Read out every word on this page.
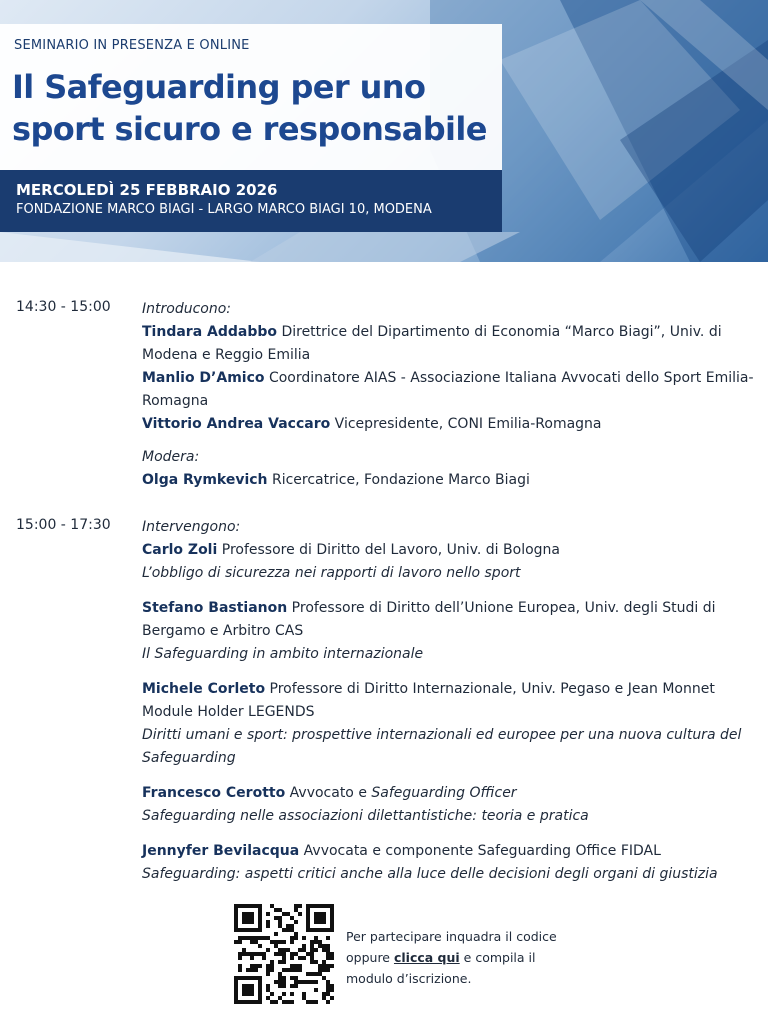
SEMINARIO IN PRESENZA E ONLINE
Il Safeguarding per uno
sport sicuro e responsabile
MERCOLEDÌ 25 FEBBRAIO 2026
FONDAZIONE MARCO BIAGI - LARGO MARCO BIAGI 10, MODENA
14:30 - 15:00 Introducono:
Tindara Addabbo Direttrice del Dipartimento di Economia “Marco Biagi”, Univ. di Modena e Reggio Emilia
Manlio D’Amico Coordinatore AIAS - Associazione Italiana Avvocati dello Sport Emilia-Romagna
Vittorio Andrea Vaccaro Vicepresidente, CONI Emilia-Romagna
Modera:
Olga Rymkevich Ricercatrice, Fondazione Marco Biagi
15:00 - 17:30 Intervengono:
Carlo Zoli Professore di Diritto del Lavoro, Univ. di Bologna
L’obbligo di sicurezza nei rapporti di lavoro nello sport
Stefano Bastianon Professore di Diritto dell’Unione Europea, Univ. degli Studi di Bergamo e Arbitro CAS
Il Safeguarding in ambito internazionale
Michele Corleto Professore di Diritto Internazionale, Univ. Pegaso e Jean Monnet Module Holder LEGENDS
Diritti umani e sport: prospettive internazionali ed europee per una nuova cultura del Safeguarding
Francesco Cerotto Avvocato e Safeguarding Officer
Safeguarding nelle associazioni dilettantistiche: teoria e pratica
Jennyfer Bevilacqua Avvocata e componente Safeguarding Office FIDAL
Safeguarding: aspetti critici anche alla luce delle decisioni degli organi di giustizia
Per partecipare inquadra il codice oppure clicca qui e compila il modulo d’iscrizione.
